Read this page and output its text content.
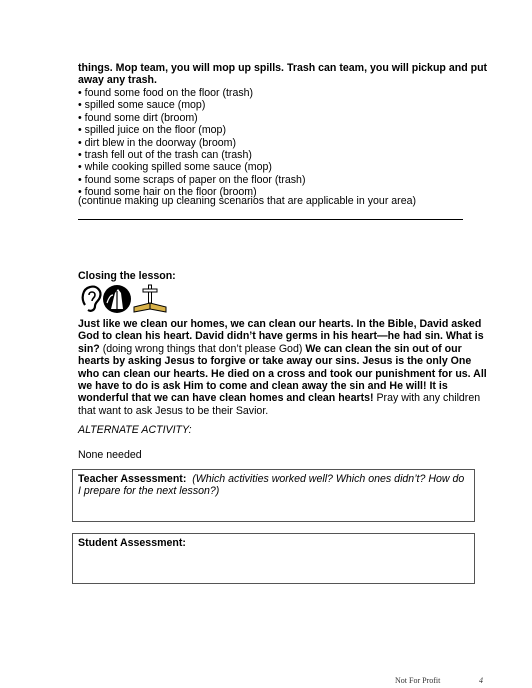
things. Mop team, you will mop up spills. Trash can team, you will pickup and put away any trash.
• found some food on the floor (trash)
• spilled some sauce (mop)
• found some dirt (broom)
• spilled juice on the floor (mop)
• dirt blew in the doorway (broom)
• trash fell out of the trash can (trash)
• while cooking spilled some sauce (mop)
• found some scraps of paper on the floor (trash)
• found some hair on the floor (broom)
(continue making up cleaning scenarios that are applicable in your area)
Closing the lesson:
Just like we clean our homes, we can clean our hearts. In the Bible, David asked God to clean his heart. David didn’t have germs in his heart—he had sin. What is sin? (doing wrong things that don’t please God) We can clean the sin out of our hearts by asking Jesus to forgive or take away our sins. Jesus is the only One who can clean our hearts. He died on a cross and took our punishment for us. All we have to do is ask Him to come and clean away the sin and He will! It is wonderful that we can have clean homes and clean hearts! Pray with any children that want to ask Jesus to be their Savior.
ALTERNATE ACTIVITY:
None needed
Teacher Assessment: (Which activities worked well? Which ones didn’t? How do I prepare for the next lesson?)
Student Assessment:
Not For Profit	4
